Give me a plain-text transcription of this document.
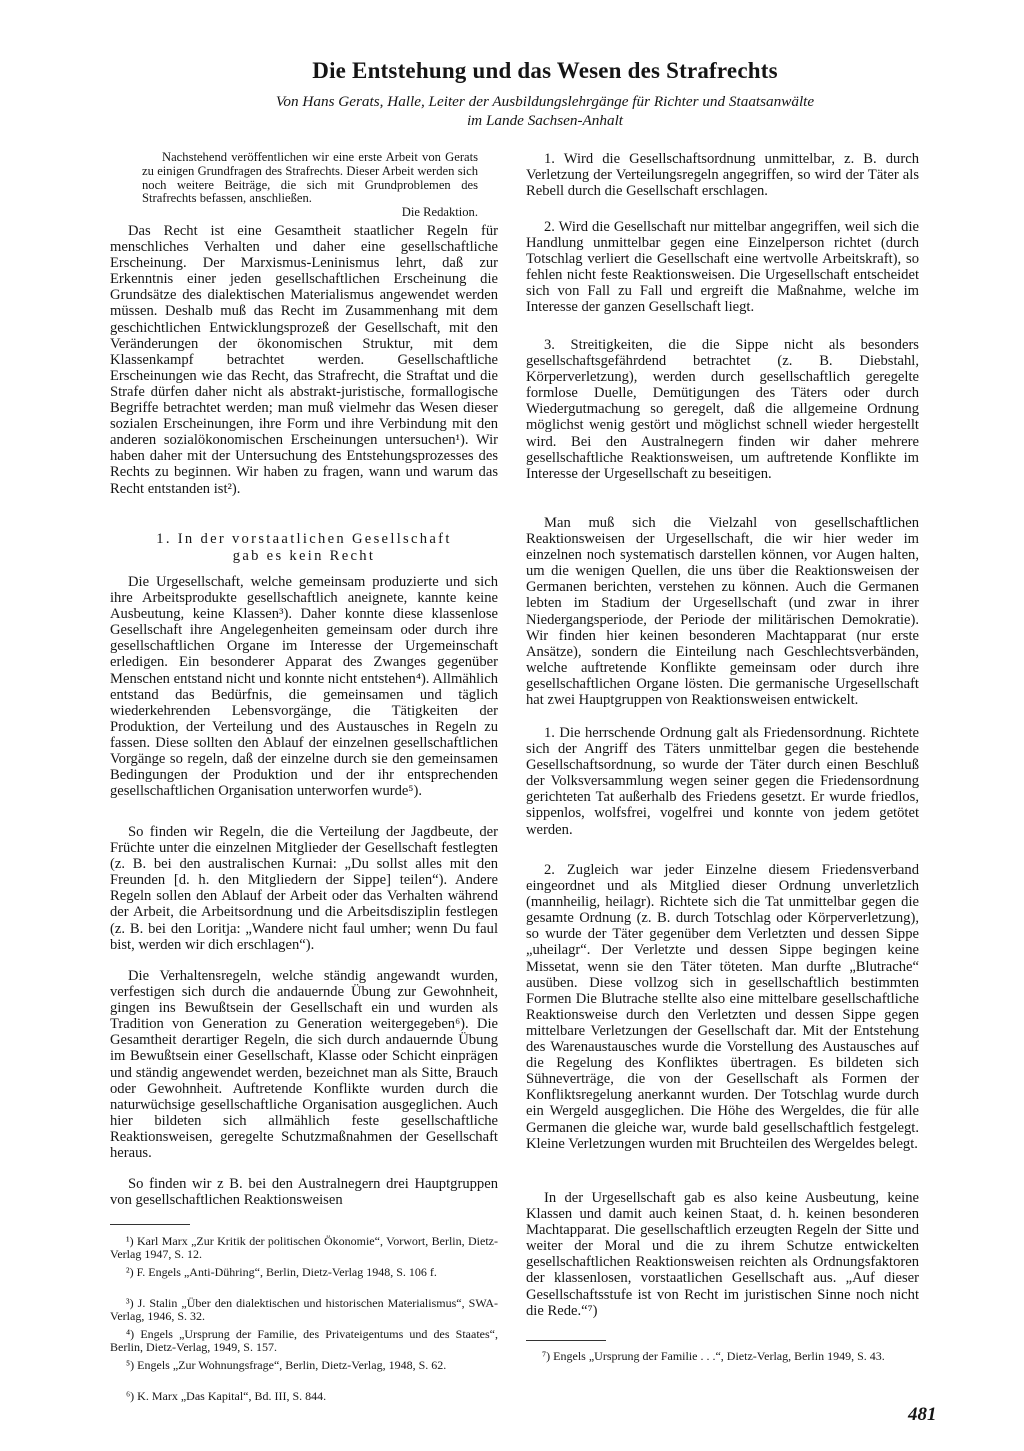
Die Entstehung und das Wesen des Strafrechts
Von Hans Gerats, Halle, Leiter der Ausbildungslehrgänge für Richter und Staatsanwälte
im Lande Sachsen-Anhalt
Nachstehend veröffentlichen wir eine erste Arbeit von Gerats zu einigen Grundfragen des Strafrechts. Dieser Arbeit werden sich noch weitere Beiträge, die sich mit Grundproblemen des Strafrechts befassen, anschließen.
Die Redaktion.

Das Recht ist eine Gesamtheit staatlicher Regeln für menschliches Verhalten und daher eine gesellschaftliche Erscheinung. Der Marxismus-Leninismus lehrt, daß zur Erkenntnis einer jeden gesellschaftlichen Erscheinung die Grundsätze des dialektischen Materialismus angewendet werden müssen. Deshalb muß das Recht im Zusammenhang mit dem geschichtlichen Entwicklungsprozeß der Gesellschaft, mit den Veränderungen der ökonomischen Struktur, mit dem Klassenkampf betrachtet werden. Gesellschaftliche Erscheinungen wie das Recht, das Strafrecht, die Straftat und die Strafe dürfen daher nicht als abstrakt-juristische, formallogische Begriffe betrachtet werden; man muß vielmehr das Wesen dieser sozialen Erscheinungen, ihre Form und ihre Verbindung mit den anderen sozialökonomischen Erscheinungen untersuchen¹). Wir haben daher mit der Untersuchung des Entstehungsprozesses des Rechts zu beginnen. Wir haben zu fragen, wann und warum das Recht entstanden ist²).

1. In der vorstaatlichen Gesellschaft
gab es kein Recht

Die Urgesellschaft, welche gemeinsam produzierte und sich ihre Arbeitsprodukte gesellschaftlich aneignete, kannte keine Ausbeutung, keine Klassen³). Daher konnte diese klassenlose Gesellschaft ihre Angelegenheiten gemeinsam oder durch ihre gesellschaftlichen Organe im Interesse der Urgemeinschaft erledigen. Ein besonderer Apparat des Zwanges gegenüber Menschen entstand nicht und konnte nicht entstehen⁴). Allmählich entstand das Bedürfnis, die gemeinsamen und täglich wiederkehrenden Lebensvorgänge, die Tätigkeiten der Produktion, der Verteilung und des Austausches in Regeln zu fassen. Diese sollten den Ablauf der einzelnen gesellschaftlichen Vorgänge so regeln, daß der einzelne durch sie den gemeinsamen Bedingungen der Produktion und der ihr entsprechenden gesellschaftlichen Organisation unterworfen wurde⁵).

So finden wir Regeln, die die Verteilung der Jagdbeute, der Früchte unter die einzelnen Mitglieder der Gesellschaft festlegten (z. B. bei den australischen Kurnai: „Du sollst alles mit den Freunden [d. h. den Mitgliedern der Sippe] teilen“). Andere Regeln sollen den Ablauf der Arbeit oder das Verhalten während der Arbeit, die Arbeitsordnung und die Arbeitsdisziplin festlegen (z. B. bei den Loritja: „Wandere nicht faul umher; wenn Du faul bist, werden wir dich erschlagen“).

Die Verhaltensregeln, welche ständig angewandt wurden, verfestigen sich durch die andauernde Übung zur Gewohnheit, gingen ins Bewußtsein der Gesellschaft ein und wurden als Tradition von Generation zu Generation weitergegeben⁶). Die Gesamtheit derartiger Regeln, die sich durch andauernde Übung im Bewußtsein einer Gesellschaft, Klasse oder Schicht einprägen und ständig angewendet werden, bezeichnet man als Sitte, Brauch oder Gewohnheit. Auftretende Konflikte wurden durch die naturwüchsige gesellschaftliche Organisation ausgeglichen. Auch hier bildeten sich allmählich feste gesellschaftliche Reaktionsweisen, geregelte Schutzmaßnahmen der Gesellschaft heraus.

So finden wir z B. bei den Australnegern drei Hauptgruppen von gesellschaftlichen Reaktionsweisen

¹) Karl Marx „Zur Kritik der politischen Ökonomie“, Vorwort, Berlin, Dietz-Verlag 1947, S. 12.

²) F. Engels „Anti-Dühring“, Berlin, Dietz-Verlag 1948, S. 106 f.

³) J. Stalin „Über den dialektischen und historischen Materialismus“, SWA-Verlag, 1946, S. 32.

⁴) Engels „Ursprung der Familie, des Privateigentums und des Staates“, Berlin, Dietz-Verlag, 1949, S. 157.

⁵) Engels „Zur Wohnungsfrage“, Berlin, Dietz-Verlag, 1948, S. 62.

⁶) K. Marx „Das Kapital“, Bd. III, S. 844.

1. Wird die Gesellschaftsordnung unmittelbar, z. B. durch Verletzung der Verteilungsregeln angegriffen, so wird der Täter als Rebell durch die Gesellschaft erschlagen.

2. Wird die Gesellschaft nur mittelbar angegriffen, weil sich die Handlung unmittelbar gegen eine Einzelperson richtet (durch Totschlag verliert die Gesellschaft eine wertvolle Arbeitskraft), so fehlen nicht feste Reaktionsweisen. Die Urgesellschaft entscheidet sich von Fall zu Fall und ergreift die Maßnahme, welche im Interesse der ganzen Gesellschaft liegt.

3. Streitigkeiten, die die Sippe nicht als besonders gesellschaftsgefährdend betrachtet (z. B. Diebstahl, Körperverletzung), werden durch gesellschaftlich geregelte formlose Duelle, Demütigungen des Täters oder durch Wiedergutmachung so geregelt, daß die allgemeine Ordnung möglichst wenig gestört und möglichst schnell wieder hergestellt wird. Bei den Australnegern finden wir daher mehrere gesellschaftliche Reaktionsweisen, um auftretende Konflikte im Interesse der Urgesellschaft zu beseitigen.

Man muß sich die Vielzahl von gesellschaftlichen Reaktionsweisen der Urgesellschaft, die wir hier weder im einzelnen noch systematisch darstellen können, vor Augen halten, um die wenigen Quellen, die uns über die Reaktionsweisen der Germanen berichten, verstehen zu können. Auch die Germanen lebten im Stadium der Urgesellschaft (und zwar in ihrer Niedergangsperiode, der Periode der militärischen Demokratie). Wir finden hier keinen besonderen Machtapparat (nur erste Ansätze), sondern die Einteilung nach Geschlechtsverbänden, welche auftretende Konflikte gemeinsam oder durch ihre gesellschaftlichen Organe lösten. Die germanische Urgesellschaft hat zwei Hauptgruppen von Reaktionsweisen entwickelt.

1. Die herrschende Ordnung galt als Friedensordnung. Richtete sich der Angriff des Täters unmittelbar gegen die bestehende Gesellschaftsordnung, so wurde der Täter durch einen Beschluß der Volksversammlung wegen seiner gegen die Friedensordnung gerichteten Tat außerhalb des Friedens gesetzt. Er wurde friedlos, sippenlos, wolfsfrei, vogelfrei und konnte von jedem getötet werden.

2. Zugleich war jeder Einzelne diesem Friedensverband eingeordnet und als Mitglied dieser Ordnung unverletzlich (mannheilig, heilagr). Richtete sich die Tat unmittelbar gegen die gesamte Ordnung (z. B. durch Totschlag oder Körperverletzung), so wurde der Täter gegenüber dem Verletzten und dessen Sippe „uheilagr“. Der Verletzte und dessen Sippe begingen keine Missetat, wenn sie den Täter töteten. Man durfte „Blutrache“ ausüben. Diese vollzog sich in gesellschaftlich bestimmten Formen Die Blutrache stellte also eine mittelbare gesellschaftliche Reaktionsweise durch den Verletzten und dessen Sippe gegen mittelbare Verletzungen der Gesellschaft dar. Mit der Entstehung des Warenaustausches wurde die Vorstellung des Austausches auf die Regelung des Konfliktes übertragen. Es bildeten sich Sühneverträge, die von der Gesellschaft als Formen der Konfliktsregelung anerkannt wurden. Der Totschlag wurde durch ein Wergeld ausgeglichen. Die Höhe des Wergeldes, die für alle Germanen die gleiche war, wurde bald gesellschaftlich festgelegt. Kleine Verletzungen wurden mit Bruchteilen des Wergeldes belegt.

In der Urgesellschaft gab es also keine Ausbeutung, keine Klassen und damit auch keinen Staat, d. h. keinen besonderen Machtapparat. Die gesellschaftlich erzeugten Regeln der Sitte und weiter der Moral und die zu ihrem Schutze entwickelten gesellschaftlichen Reaktionsweisen reichten als Ordnungsfaktoren der klassenlosen, vorstaatlichen Gesellschaft aus. „Auf dieser Gesellschaftsstufe ist von Recht im juristischen Sinne noch nicht die Rede.“⁷)

⁷) Engels „Ursprung der Familie . . .“, Dietz-Verlag, Berlin 1949, S. 43.

481
